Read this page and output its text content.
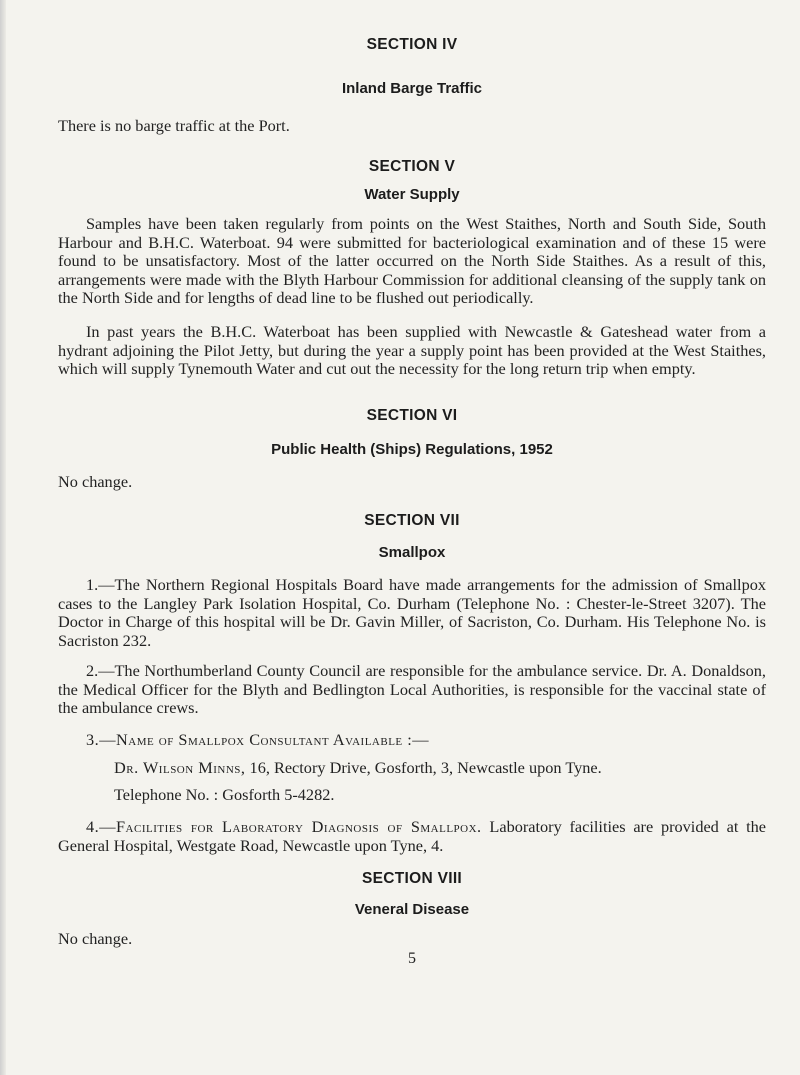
SECTION IV
Inland Barge Traffic

There is no barge traffic at the Port.

SECTION V
Water Supply

Samples have been taken regularly from points on the West Staithes, North and South Side, South Harbour and B.H.C. Waterboat. 94 were submitted for bacteriological examination and of these 15 were found to be unsatisfactory. Most of the latter occurred on the North Side Staithes. As a result of this, arrangements were made with the Blyth Harbour Commission for additional cleansing of the supply tank on the North Side and for lengths of dead line to be flushed out periodically.

In past years the B.H.C. Waterboat has been supplied with Newcastle & Gateshead water from a hydrant adjoining the Pilot Jetty, but during the year a supply point has been provided at the West Staithes, which will supply Tynemouth Water and cut out the necessity for the long return trip when empty.

SECTION VI
Public Health (Ships) Regulations, 1952

No change.

SECTION VII
Smallpox

1.—The Northern Regional Hospitals Board have made arrangements for the admission of Smallpox cases to the Langley Park Isolation Hospital, Co. Durham (Telephone No. : Chester-le-Street 3207). The Doctor in Charge of this hospital will be Dr. Gavin Miller, of Sacriston, Co. Durham. His Telephone No. is Sacriston 232.

2.—The Northumberland County Council are responsible for the ambulance service. Dr. A. Donaldson, the Medical Officer for the Blyth and Bedlington Local Authorities, is responsible for the vaccinal state of the ambulance crews.

3.—Name of Smallpox Consultant Available :—

Dr. Wilson Minns, 16, Rectory Drive, Gosforth, 3, Newcastle upon Tyne.

Telephone No. : Gosforth 5-4282.

4.—Facilities for Laboratory Diagnosis of Smallpox. Laboratory facilities are provided at the General Hospital, Westgate Road, Newcastle upon Tyne, 4.

SECTION VIII
Veneral Disease

No change.

5
